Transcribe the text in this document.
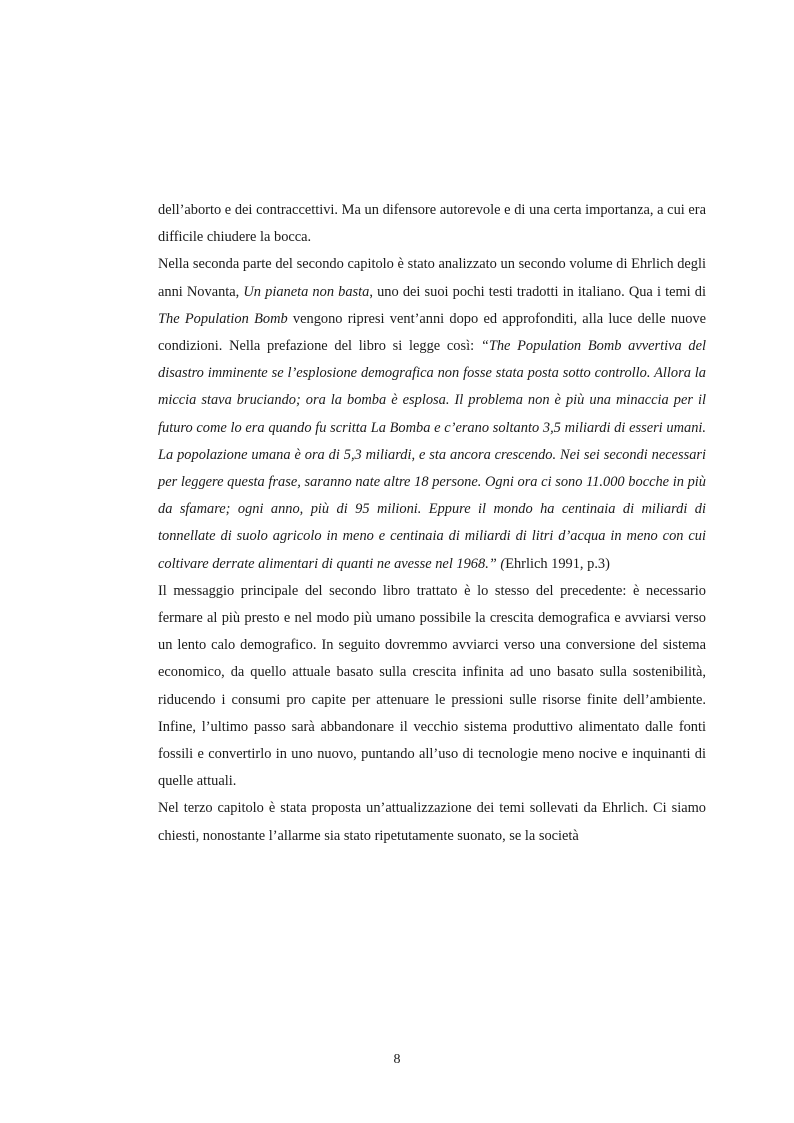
dell’aborto e dei contraccettivi. Ma un difensore autorevole e di una certa importanza, a cui era difficile chiudere la bocca.

Nella seconda parte del secondo capitolo è stato analizzato un secondo volume di Ehrlich degli anni Novanta, Un pianeta non basta, uno dei suoi pochi testi tradotti in italiano. Qua i temi di The Population Bomb vengono ripresi vent’anni dopo ed approfonditi, alla luce delle nuove condizioni. Nella prefazione del libro si legge così: “The Population Bomb avvertiva del disastro imminente se l’esplosione demografica non fosse stata posta sotto controllo. Allora la miccia stava bruciando; ora la bomba è esplosa. Il problema non è più una minaccia per il futuro come lo era quando fu scritta La Bomba e c’erano soltanto 3,5 miliardi di esseri umani. La popolazione umana è ora di 5,3 miliardi, e sta ancora crescendo. Nei sei secondi necessari per leggere questa frase, saranno nate altre 18 persone. Ogni ora ci sono 11.000 bocche in più da sfamare; ogni anno, più di 95 milioni. Eppure il mondo ha centinaia di miliardi di tonnellate di suolo agricolo in meno e centinaia di miliardi di litri d’acqua in meno con cui coltivare derrate alimentari di quanti ne avesse nel 1968.” (Ehrlich 1991, p.3)

Il messaggio principale del secondo libro trattato è lo stesso del precedente: è necessario fermare al più presto e nel modo più umano possibile la crescita demografica e avviarsi verso un lento calo demografico. In seguito dovremmo avviarci verso una conversione del sistema economico, da quello attuale basato sulla crescita infinita ad uno basato sulla sostenibilità, riducendo i consumi pro capite per attenuare le pressioni sulle risorse finite dell’ambiente. Infine, l’ultimo passo sarà abbandonare il vecchio sistema produttivo alimentato dalle fonti fossili e convertirlo in uno nuovo, puntando all’uso di tecnologie meno nocive e inquinanti di quelle attuali.

Nel terzo capitolo è stata proposta un’attualizzazione dei temi sollevati da Ehrlich. Ci siamo chiesti, nonostante l’allarme sia stato ripetutamente suonato, se la società

8
